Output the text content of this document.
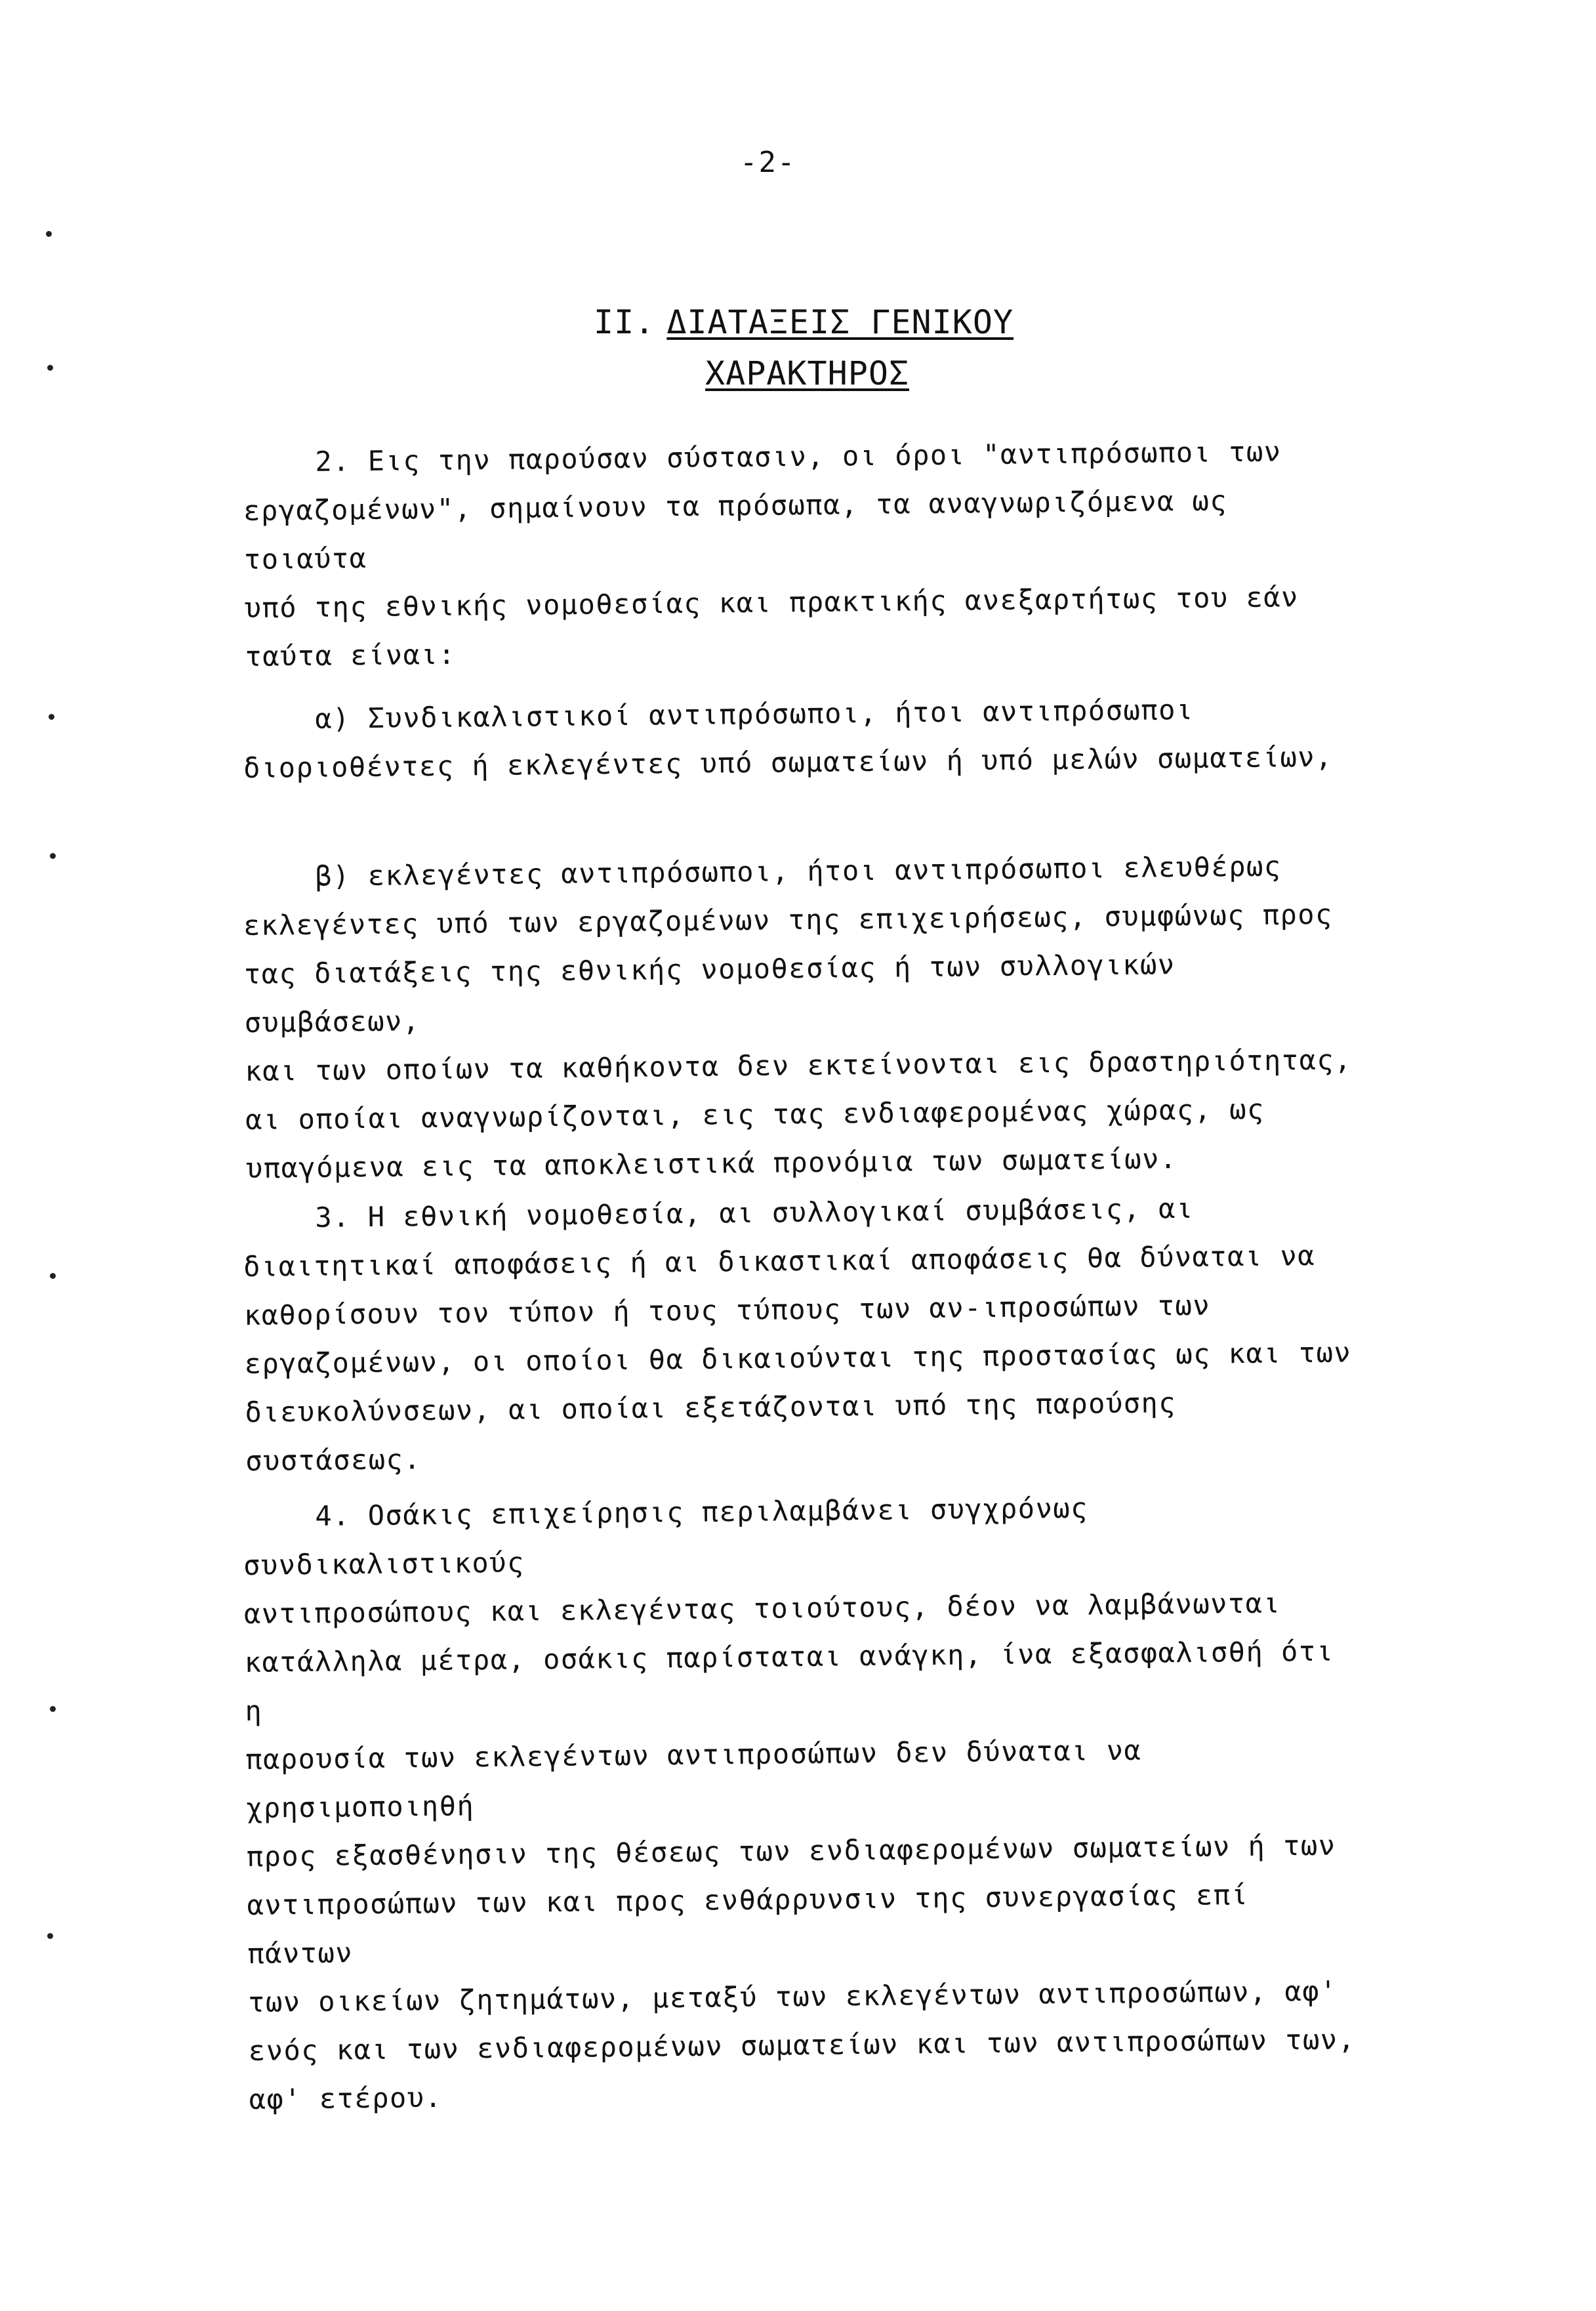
-2-
II. ΔΙΑΤΑΞΕΙΣ ΓΕΝΙΚΟΥ
ΧΑΡΑΚΤΗΡΟΣ
2. Εις την παρούσαν σύστασιν, οι όροι "αντιπρόσωποι των
εργαζομένων", σημαίνουν τα πρόσωπα, τα αναγνωριζόμενα ως τοιαύτα
υπό της εθνικής νομοθεσίας και πρακτικής ανεξαρτήτως του εάν
ταύτα είναι:
α) Συνδικαλιστικοί αντιπρόσωποι, ήτοι αντιπρόσωποι
διοριοθέντες ή εκλεγέντες υπό σωματείων ή υπό μελών σωματείων,
β) εκλεγέντες αντιπρόσωποι, ήτοι αντιπρόσωποι ελευθέρως
εκλεγέντες υπό των εργαζομένων της επιχειρήσεως, συμφώνως προς
τας διατάξεις της εθνικής νομοθεσίας ή των συλλογικών συμβάσεων,
και των οποίων τα καθήκοντα δεν εκτείνονται εις δραστηριότητας,
αι οποίαι αναγνωρίζονται, εις τας ενδιαφερομένας χώρας, ως
υπαγόμενα εις τα αποκλειστικά προνόμια των σωματείων.
3. Η εθνική νομοθεσία, αι συλλογικαί συμβάσεις, αι
διαιτητικαί αποφάσεις ή αι δικαστικαί αποφάσεις θα δύναται να
καθορίσουν τον τύπον ή τους τύπους των αν-ιπροσώπων των
εργαζομένων, οι οποίοι θα δικαιούνται της προστασίας ως και των
διευκολύνσεων, αι οποίαι εξετάζονται υπό της παρούσης συστάσεως.
4. Οσάκις επιχείρησις περιλαμβάνει συγχρόνως συνδικαλιστικούς
αντιπροσώπους και εκλεγέντας τοιούτους, δέον να λαμβάνωνται
κατάλληλα μέτρα, οσάκις παρίσταται ανάγκη, ίνα εξασφαλισθή ότι η
παρουσία των εκλεγέντων αντιπροσώπων δεν δύναται να χρησιμοποιηθή
προς εξασθένησιν της θέσεως των ενδιαφερομένων σωματείων ή των
αντιπροσώπων των και προς ενθάρρυνσιν της συνεργασίας επί πάντων
των οικείων ζητημάτων, μεταξύ των εκλεγέντων αντιπροσώπων, αφ'
ενός και των ενδιαφερομένων σωματείων και των αντιπροσώπων των,
αφ' ετέρου.
